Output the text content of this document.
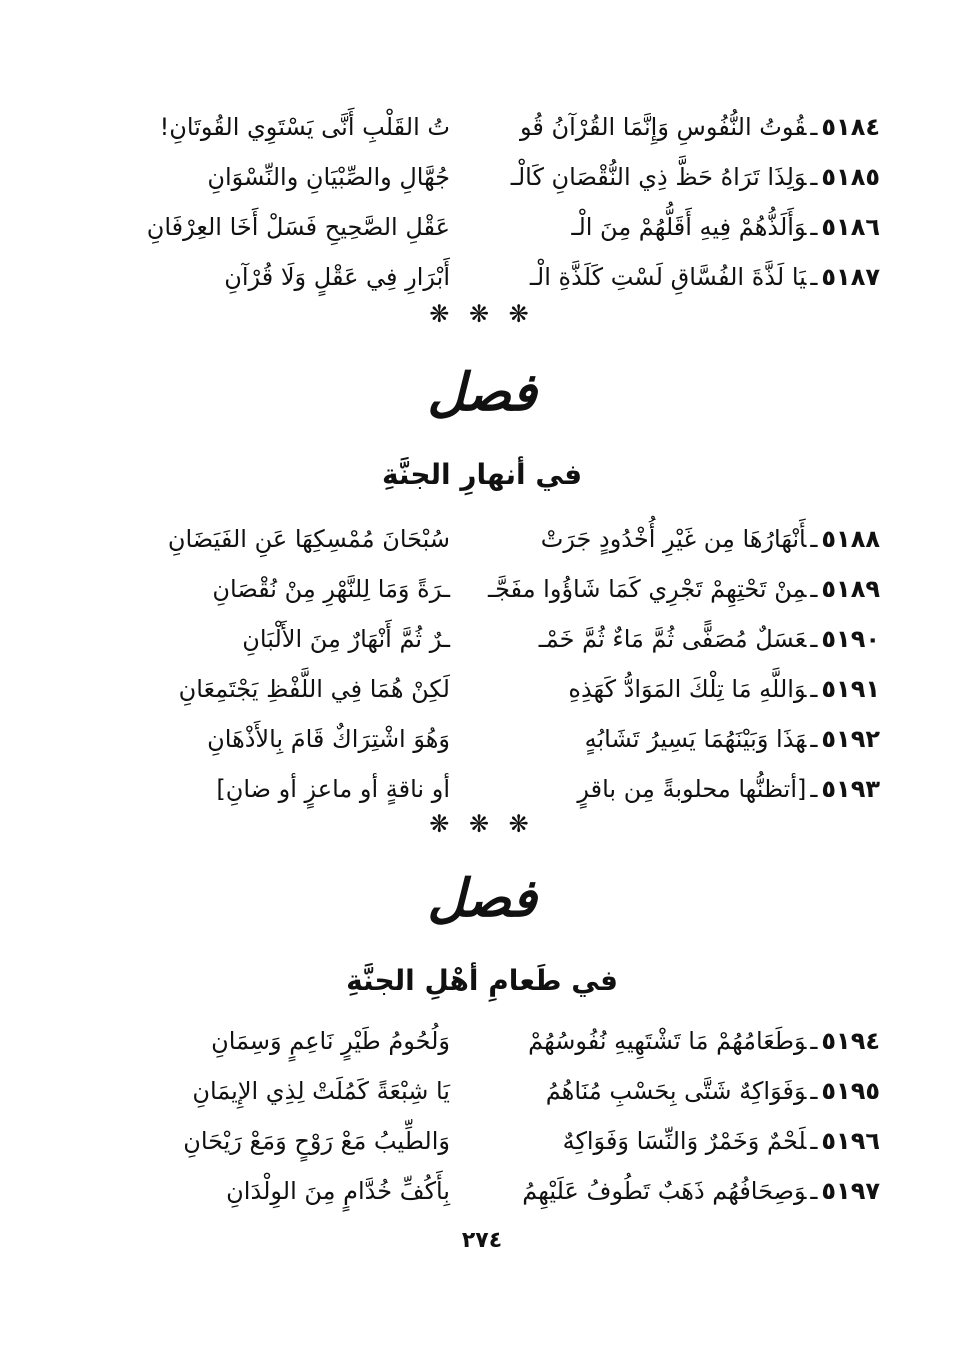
٥١٨٤ـقُوتُ النُّفُوسِ وَإِنَّمَا القُرْآنُ قُو
تُ القَلْبِ أَنَّى يَسْتَوِي القُوتَانِ!
٥١٨٥ـوَلِذَا تَرَاهُ حَظَّ ذِي النُّقْصَانِ كَالْـ
جُهَّالِ والصِّبْيَانِ والنِّسْوَانِ
٥١٨٦ـوَأَلَذُّهُمْ فِيهِ أَقَلُّهُمْ مِنَ الْـ
عَقْلِ الصَّحِيحِ فَسَلْ أَخَا العِرْفَانِ
٥١٨٧ـيَا لَذَّةَ الفُسَّاقِ لَسْتِ كَلَذَّةِ الْـ
أَبْرَارِ فِي عَقْلٍ وَلَا قُرْآنِ
❋ ❋ ❋
فصل
في أنهارِ الجنَّةِ
٥١٨٨ـأَنْهَارُهَا مِن غَيْرِ أُخْدُودٍ جَرَتْ
سُبْحَانَ مُمْسِكِهَا عَنِ الفَيَضَانِ
٥١٨٩ـمِنْ تَحْتِهِمْ تَجْرِي كَمَا شَاؤُوا مفَجَّـ
ـرَةً وَمَا لِلنَّهْرِ مِنْ نُقْصَانِ
٥١٩٠ـعَسَلٌ مُصَفًّى ثُمَّ مَاءٌ ثُمَّ خَمْـ
ـرٌ ثُمَّ أَنْهَارٌ مِنَ الأَلْبَانِ
٥١٩١ـوَاللَّهِ مَا تِلْكَ المَوَادُّ كَهَذِهِ
لَكِنْ هُمَا فِي اللَّفْظِ يَجْتَمِعَانِ
٥١٩٢ـهَذَا وَبَيْنَهُمَا يَسِيرُ تَشَابُهٍ
وَهُوَ اشْتِرَاكٌ قَامَ بِالأَذْهَانِ
٥١٩٣ـ[أتظنُّها محلوبةً مِن باقرٍ
أو ناقةٍ أو ماعزٍ أو ضانِ]
❋ ❋ ❋
فصل
في طَعامِ أهْلِ الجنَّةِ
٥١٩٤ـوَطَعَامُهُمْ مَا تَشْتَهِيهِ نُفُوسُهُمْ
وَلُحُومُ طَيْرٍ نَاعِمٍ وَسِمَانِ
٥١٩٥ـوَفَوَاكِهٌ شَتَّى بِحَسْبِ مُنَاهُمُ
يَا شِبْعَةً كَمُلَتْ لِذِي الإِيمَانِ
٥١٩٦ـلَحْمٌ وَخَمْرٌ وَالنِّسَا وَفَوَاكِهٌ
وَالطِّيبُ مَعْ رَوْحٍ وَمَعْ رَيْحَانِ
٥١٩٧ـوَصِحَافُهُم ذَهَبٌ تَطُوفُ عَلَيْهِمُ
بِأَكُفِّ خُدَّامٍ مِنَ الوِلْدَانِ
٢٧٤
